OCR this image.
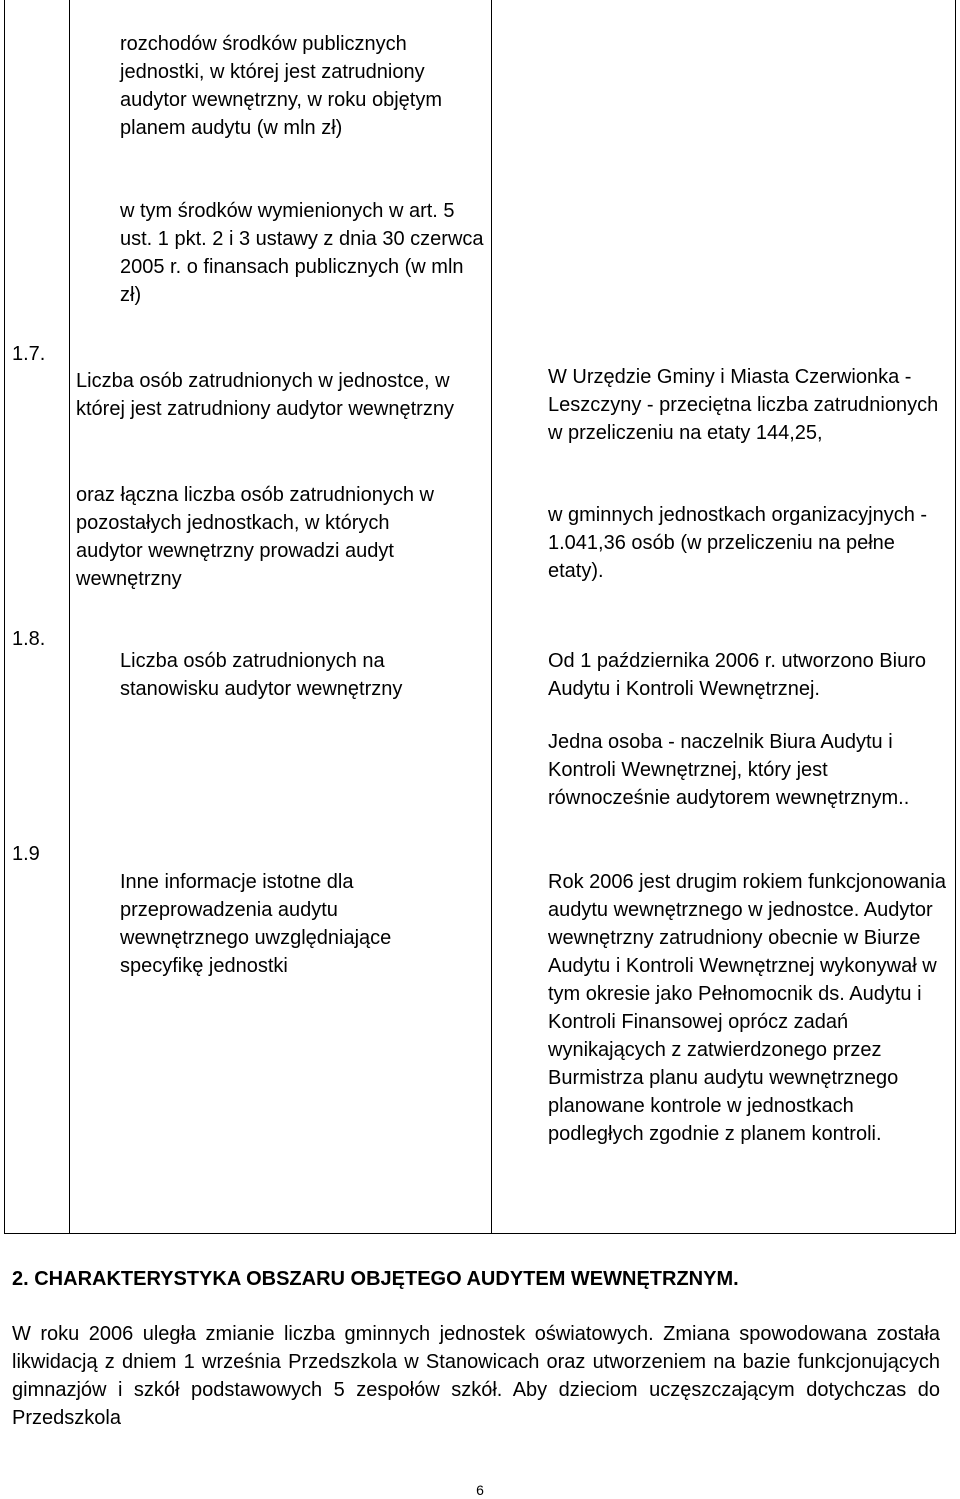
rozchodów środków publicznych jednostki, w której jest zatrudniony audytor wewnętrzny, w roku objętym planem audytu (w mln zł)
w tym środków wymienionych w art. 5 ust. 1 pkt. 2 i 3 ustawy z dnia 30 czerwca 2005 r. o finansach publicznych (w mln zł)
1.7.
Liczba osób zatrudnionych w jednostce, w której jest zatrudniony audytor wewnętrzny
oraz łączna liczba osób zatrudnionych w pozostałych jednostkach, w których audytor wewnętrzny prowadzi audyt wewnętrzny
W Urzędzie Gminy i Miasta Czerwionka - Leszczyny - przeciętna liczba zatrudnionych w przeliczeniu na etaty 144,25,
w gminnych jednostkach organizacyjnych - 1.041,36 osób (w przeliczeniu na pełne etaty).
1.8.
Liczba osób zatrudnionych na stanowisku audytor wewnętrzny
Od 1 października 2006 r. utworzono Biuro Audytu i Kontroli Wewnętrznej.
Jedna osoba - naczelnik Biura Audytu i Kontroli Wewnętrznej, który jest równocześnie audytorem wewnętrznym..
1.9
Inne informacje istotne dla przeprowadzenia audytu wewnętrznego uwzględniające specyfikę jednostki
Rok 2006 jest drugim rokiem funkcjonowania audytu wewnętrznego w jednostce. Audytor wewnętrzny zatrudniony obecnie w Biurze Audytu i Kontroli Wewnętrznej wykonywał w tym okresie jako Pełnomocnik ds. Audytu i Kontroli Finansowej oprócz zadań wynikających z zatwierdzonego przez Burmistrza planu audytu wewnętrznego planowane kontrole w jednostkach podległych zgodnie z planem kontroli.
2. CHARAKTERYSTYKA OBSZARU OBJĘTEGO AUDYTEM WEWNĘTRZNYM.
W roku 2006 uległa zmianie liczba gminnych jednostek oświatowych. Zmiana spowodowana została likwidacją z dniem 1 września Przedszkola w Stanowicach oraz utworzeniem na bazie funkcjonujących gimnazjów i szkół podstawowych 5 zespołów szkół. Aby dzieciom uczęszczającym dotychczas do Przedszkola
6
